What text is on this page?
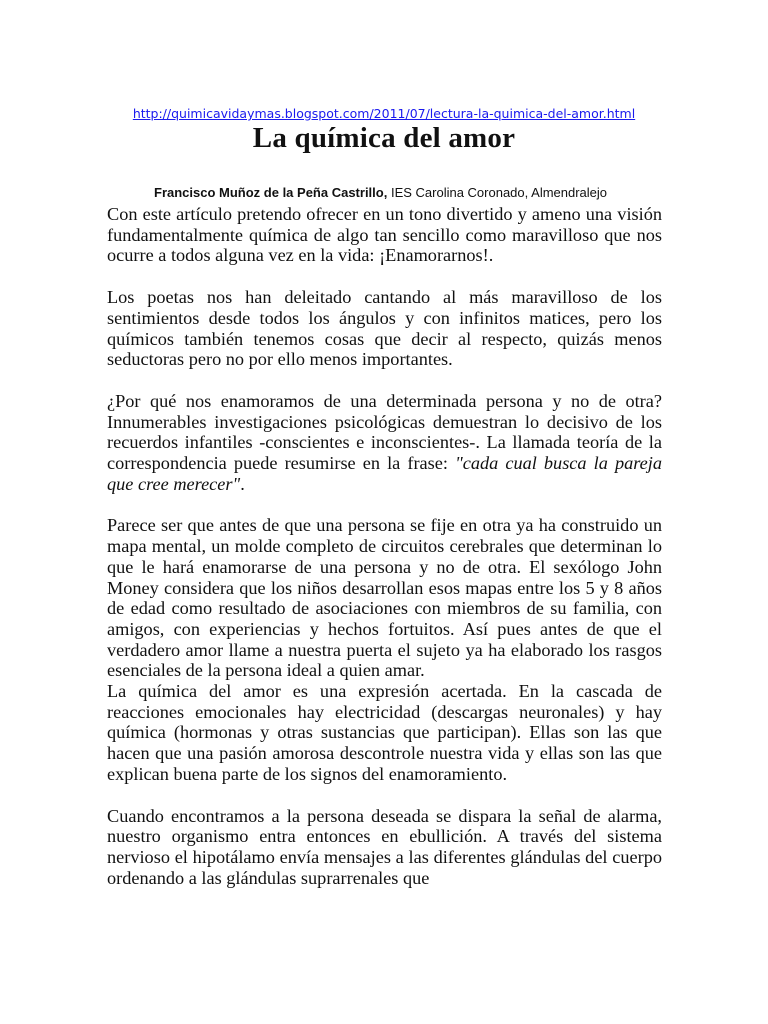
http://quimicavidaymas.blogspot.com/2011/07/lectura-la-quimica-del-amor.html
La química del amor
Francisco Muñoz de la Peña Castrillo, IES Carolina Coronado, Almendralejo

Con este artículo pretendo ofrecer en un tono divertido y ameno una visión fundamentalmente química de algo tan sencillo como maravilloso que nos ocurre a todos alguna vez en la vida: ¡Enamorarnos!.

Los poetas nos han deleitado cantando al más maravilloso de los sentimientos desde todos los ángulos y con infinitos matices, pero los químicos también tenemos cosas que decir al respecto, quizás menos seductoras pero no por ello menos importantes.

¿Por qué nos enamoramos de una determinada persona y no de otra? Innumerables investigaciones psicológicas demuestran lo decisivo de los recuerdos infantiles -conscientes e inconscientes-. La llamada teoría de la correspondencia puede resumirse en la frase: "cada cual busca la pareja que cree merecer".

Parece ser que antes de que una persona se fije en otra ya ha construido un mapa mental, un molde completo de circuitos cerebrales que determinan lo que le hará enamorarse de una persona y no de otra. El sexólogo John Money considera que los niños desarrollan esos mapas entre los 5 y 8 años de edad como resultado de asociaciones con miembros de su familia, con amigos, con experiencias y hechos fortuitos. Así pues antes de que el verdadero amor llame a nuestra puerta el sujeto ya ha elaborado los rasgos esenciales de la persona ideal a quien amar.

La química del amor es una expresión acertada. En la cascada de reacciones emocionales hay electricidad (descargas neuronales) y hay química (hormonas y otras sustancias que participan). Ellas son las que hacen que una pasión amorosa descontrole nuestra vida y ellas son las que explican buena parte de los signos del enamoramiento.

Cuando encontramos a la persona deseada se dispara la señal de alarma, nuestro organismo entra entonces en ebullición. A través del sistema nervioso el hipotálamo envía mensajes a las diferentes glándulas del cuerpo ordenando a las glándulas suprarrenales que
